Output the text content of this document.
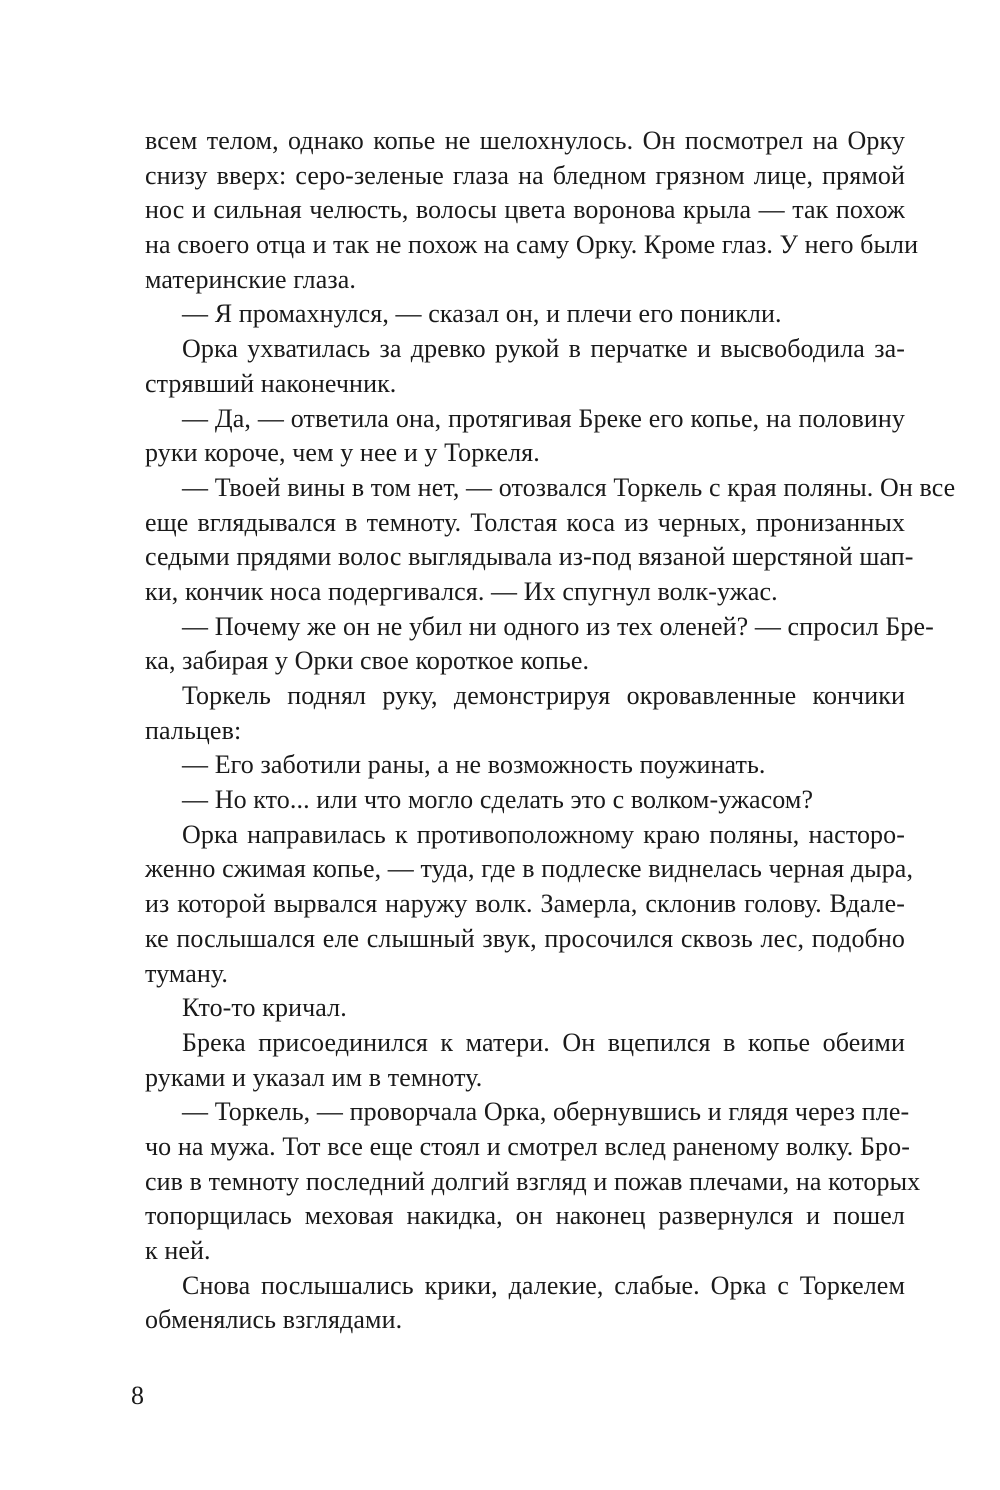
всем телом, однако копье не шелохнулось. Он посмотрел на Орку
снизу вверх: серо-зеленые глаза на бледном грязном лице, прямой
нос и сильная челюсть, волосы цвета воронова крыла — так похож
на своего отца и так не похож на саму Орку. Кроме глаз. У него были
материнские глаза.
— Я промахнулся, — сказал он, и плечи его поникли.
Орка ухватилась за древко рукой в перчатке и высвободила за-
стрявший наконечник.
— Да, — ответила она, протягивая Бреке его копье, на половину
руки короче, чем у нее и у Торкеля.
— Твоей вины в том нет, — отозвался Торкель с края поляны. Он все
еще вглядывался в темноту. Толстая коса из черных, пронизанных
седыми прядями волос выглядывала из-под вязаной шерстяной шап-
ки, кончик носа подергивался. — Их спугнул волк-ужас.
— Почему же он не убил ни одного из тех оленей? — спросил Бре-
ка, забирая у Орки свое короткое копье.
Торкель поднял руку, демонстрируя окровавленные кончики
пальцев:
— Его заботили раны, а не возможность поужинать.
— Но кто... или что могло сделать это с волком-ужасом?
Орка направилась к противоположному краю поляны, насторо-
женно сжимая копье, — туда, где в подлеске виднелась черная дыра,
из которой вырвался наружу волк. Замерла, склонив голову. Вдале-
ке послышался еле слышный звук, просочился сквозь лес, подобно
туману.
Кто-то кричал.
Брека присоединился к матери. Он вцепился в копье обеими
руками и указал им в темноту.
— Торкель, — проворчала Орка, обернувшись и глядя через пле-
чо на мужа. Тот все еще стоял и смотрел вслед раненому волку. Бро-
сив в темноту последний долгий взгляд и пожав плечами, на которых
топорщилась меховая накидка, он наконец развернулся и пошел
к ней.
Снова послышались крики, далекие, слабые. Орка с Торкелем
обменялись взглядами.
8
